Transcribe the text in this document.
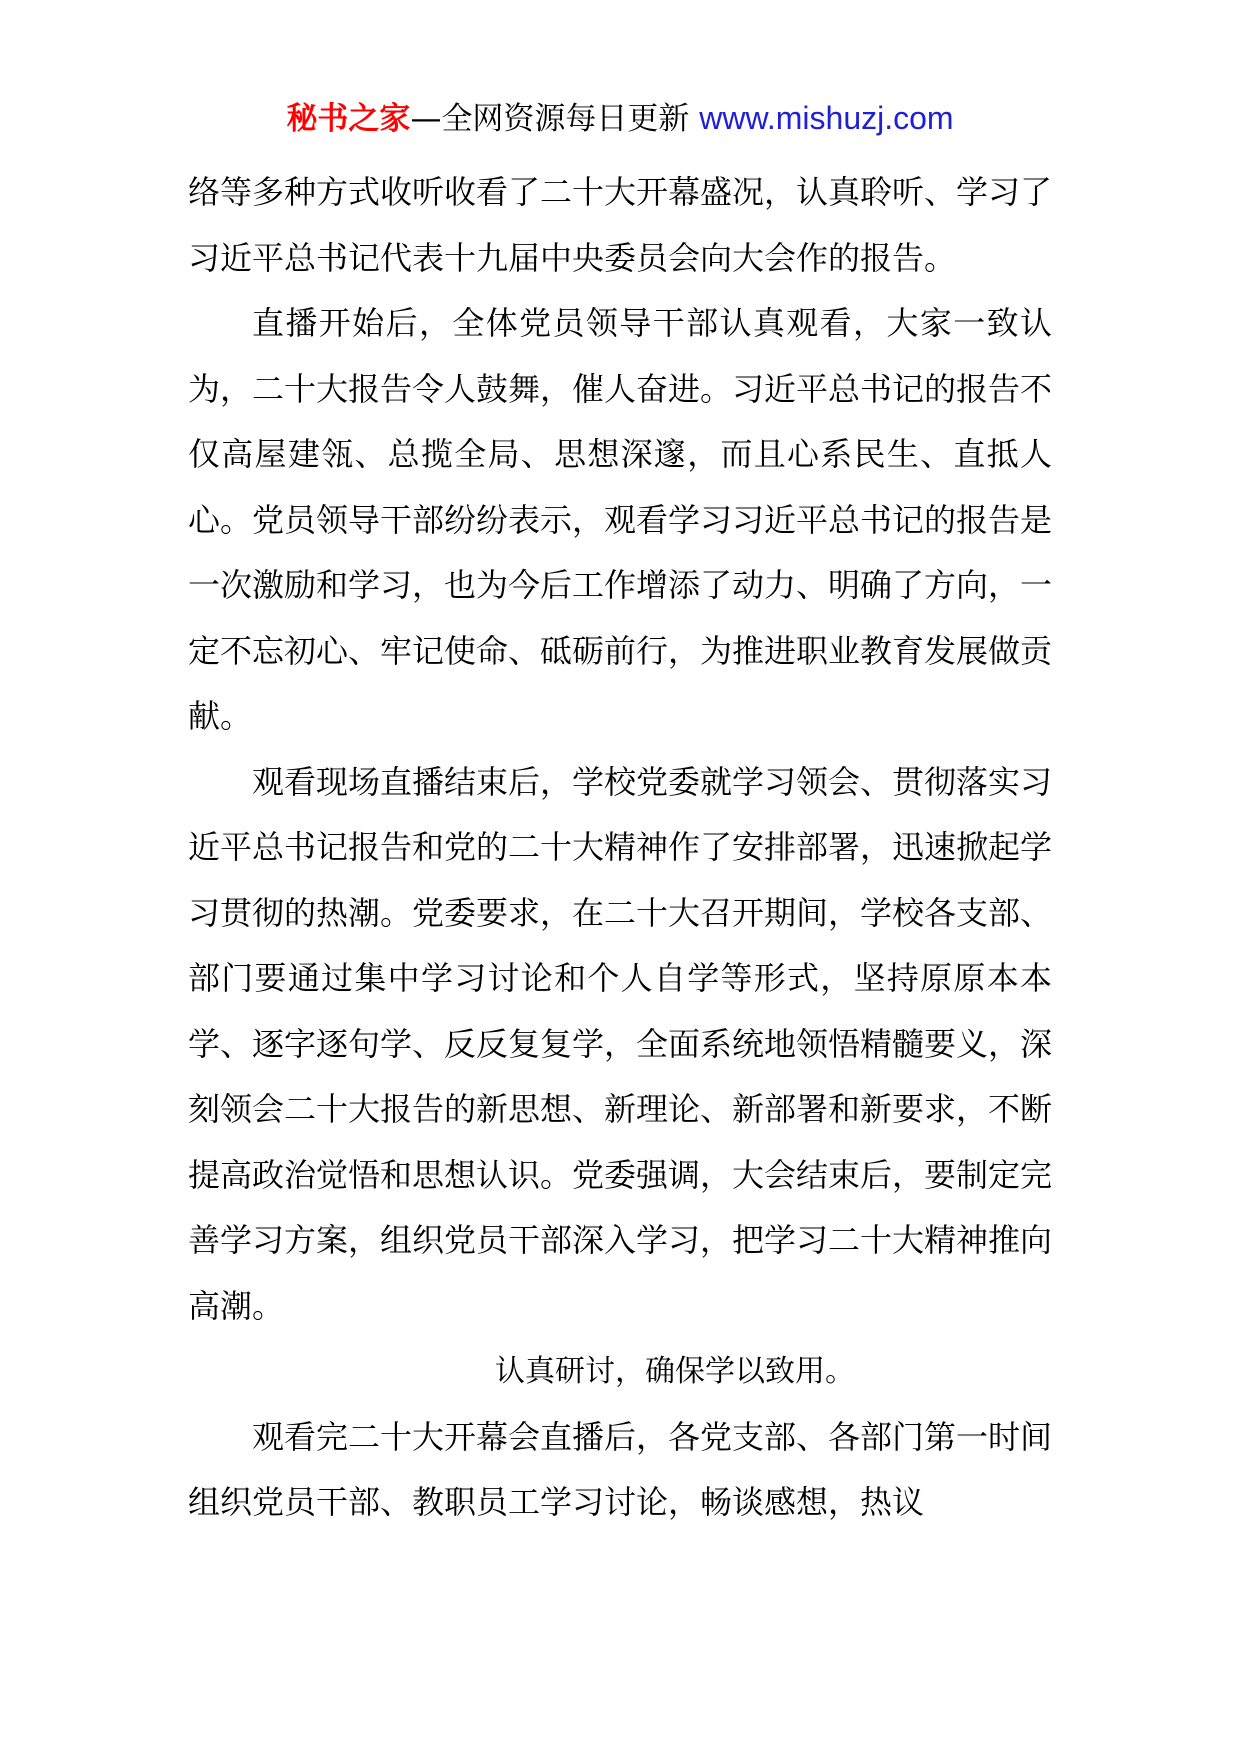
秘书之家—全网资源每日更新 www.mishuzj.com

络等多种方式收听收看了二十大开幕盛况，认真聆听、学习了习近平总书记代表十九届中央委员会向大会作的报告。

直播开始后，全体党员领导干部认真观看，大家一致认为，二十大报告令人鼓舞，催人奋进。习近平总书记的报告不仅高屋建瓴、总揽全局、思想深邃，而且心系民生、直抵人心。党员领导干部纷纷表示，观看学习习近平总书记的报告是一次激励和学习，也为今后工作增添了动力、明确了方向，一定不忘初心、牢记使命、砥砺前行，为推进职业教育发展做贡献。

观看现场直播结束后，学校党委就学习领会、贯彻落实习近平总书记报告和党的二十大精神作了安排部署，迅速掀起学习贯彻的热潮。党委要求，在二十大召开期间，学校各支部、部门要通过集中学习讨论和个人自学等形式，坚持原原本本学、逐字逐句学、反反复复学，全面系统地领悟精髓要义，深刻领会二十大报告的新思想、新理论、新部署和新要求，不断提高政治觉悟和思想认识。党委强调，大会结束后，要制定完善学习方案，组织党员干部深入学习，把学习二十大精神推向高潮。

认真研讨，确保学以致用。

观看完二十大开幕会直播后，各党支部、各部门第一时间组织党员干部、教职员工学习讨论，畅谈感想，热议
